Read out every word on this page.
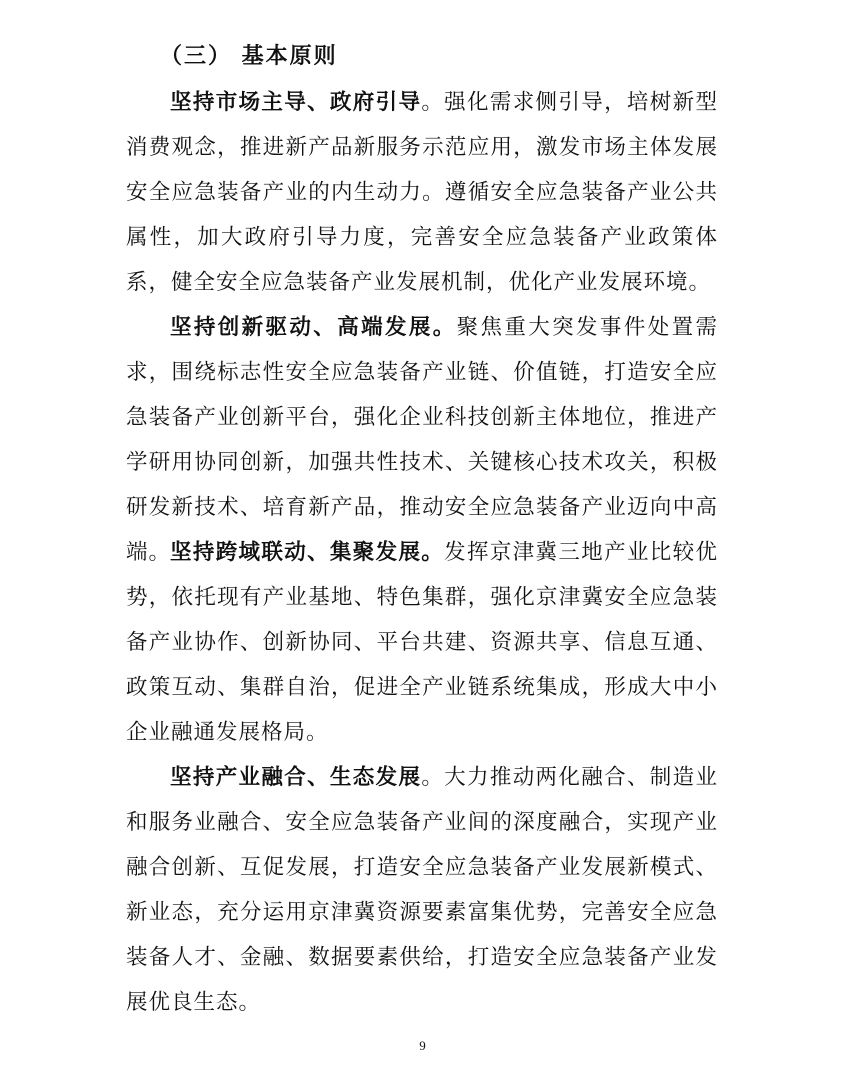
（三） 基本原则

坚持市场主导、政府引导。强化需求侧引导，培树新型消费观念，推进新产品新服务示范应用，激发市场主体发展安全应急装备产业的内生动力。遵循安全应急装备产业公共属性，加大政府引导力度，完善安全应急装备产业政策体系，健全安全应急装备产业发展机制，优化产业发展环境。

坚持创新驱动、高端发展。聚焦重大突发事件处置需求，围绕标志性安全应急装备产业链、价值链，打造安全应急装备产业创新平台，强化企业科技创新主体地位，推进产学研用协同创新，加强共性技术、关键核心技术攻关，积极研发新技术、培育新产品，推动安全应急装备产业迈向中高端。

坚持跨域联动、集聚发展。发挥京津冀三地产业比较优势，依托现有产业基地、特色集群，强化京津冀安全应急装备产业协作、创新协同、平台共建、资源共享、信息互通、政策互动、集群自治，促进全产业链系统集成，形成大中小企业融通发展格局。

坚持产业融合、生态发展。大力推动两化融合、制造业和服务业融合、安全应急装备产业间的深度融合，实现产业融合创新、互促发展，打造安全应急装备产业发展新模式、新业态，充分运用京津冀资源要素富集优势，完善安全应急装备人才、金融、数据要素供给，打造安全应急装备产业发展优良生态。

9
